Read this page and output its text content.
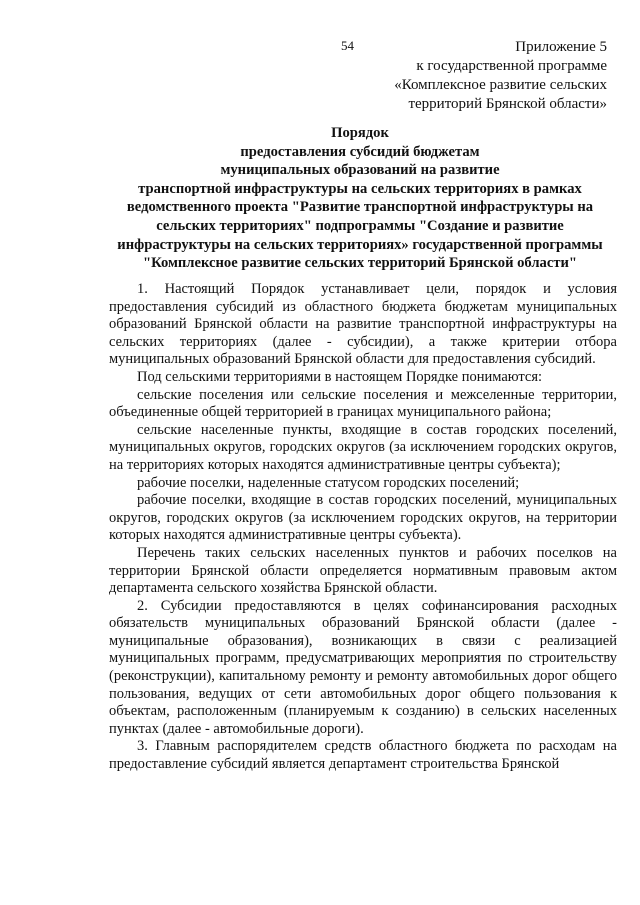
54	Приложение 5
к государственной программе
«Комплексное развитие сельских
территорий Брянской области»
Порядок
предоставления субсидий бюджетам
муниципальных образований на развитие
транспортной инфраструктуры на сельских территориях в рамках
ведомственного проекта "Развитие транспортной инфраструктуры на
сельских территориях" подпрограммы "Создание и развитие
инфраструктуры на сельских территориях» государственной программы
"Комплексное развитие сельских территорий Брянской области"

1. Настоящий Порядок устанавливает цели, порядок и условия предоставления субсидий из областного бюджета бюджетам муниципальных образований Брянской области на развитие транспортной инфраструктуры на сельских территориях (далее - субсидии), а также критерии отбора муниципальных образований Брянской области для предоставления субсидий.

Под сельскими территориями в настоящем Порядке понимаются:

сельские поселения или сельские поселения и межселенные территории, объединенные общей территорией в границах муниципального района;

сельские населенные пункты, входящие в состав городских поселений, муниципальных округов, городских округов (за исключением городских округов, на территориях которых находятся административные центры субъекта);

рабочие поселки, наделенные статусом городских поселений;

рабочие поселки, входящие в состав городских поселений, муниципальных округов, городских округов (за исключением городских округов, на территории которых находятся административные центры субъекта).

Перечень таких сельских населенных пунктов и рабочих поселков на территории Брянской области определяется нормативным правовым актом департамента сельского хозяйства Брянской области.

2. Субсидии предоставляются в целях софинансирования расходных обязательств муниципальных образований Брянской области (далее - муниципальные образования), возникающих в связи с реализацией муниципальных программ, предусматривающих мероприятия по строительству (реконструкции), капитальному ремонту и ремонту автомобильных дорог общего пользования, ведущих от сети автомобильных дорог общего пользования к объектам, расположенным (планируемым к созданию) в сельских населенных пунктах (далее - автомобильные дороги).

3. Главным распорядителем средств областного бюджета по расходам на предоставление субсидий является департамент строительства Брянской
